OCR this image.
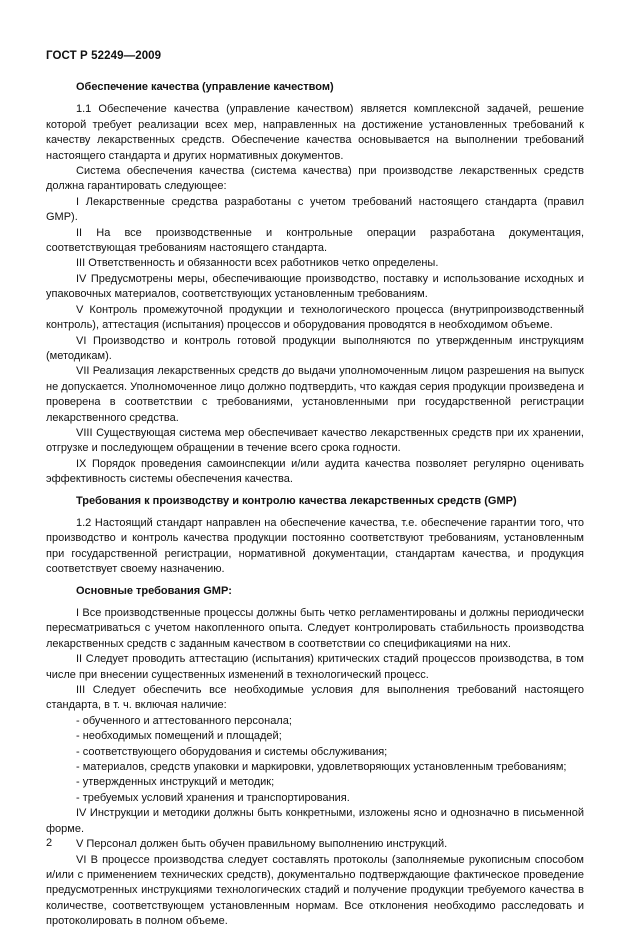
ГОСТ Р 52249—2009

Обеспечение качества (управление качеством)

1.1 Обеспечение качества (управление качеством) является комплексной задачей, решение которой требует реализации всех мер, направленных на достижение установленных требований к качеству лекарственных средств. Обеспечение качества основывается на выполнении требований настоящего стандарта и других нормативных документов.

Система обеспечения качества (система качества) при производстве лекарственных средств должна гарантировать следующее:

I Лекарственные средства разработаны с учетом требований настоящего стандарта (правил GMP).

II На все производственные и контрольные операции разработана документация, соответствующая требованиям настоящего стандарта.

III Ответственность и обязанности всех работников четко определены.

IV Предусмотрены меры, обеспечивающие производство, поставку и использование исходных и упаковочных материалов, соответствующих установленным требованиям.

V Контроль промежуточной продукции и технологического процесса (внутрипроизводственный контроль), аттестация (испытания) процессов и оборудования проводятся в необходимом объеме.

VI Производство и контроль готовой продукции выполняются по утвержденным инструкциям (методикам).

VII Реализация лекарственных средств до выдачи уполномоченным лицом разрешения на выпуск не допускается. Уполномоченное лицо должно подтвердить, что каждая серия продукции произведена и проверена в соответствии с требованиями, установленными при государственной регистрации лекарственного средства.

VIII Существующая система мер обеспечивает качество лекарственных средств при их хранении, отгрузке и последующем обращении в течение всего срока годности.

IX Порядок проведения самоинспекции и/или аудита качества позволяет регулярно оценивать эффективность системы обеспечения качества.

Требования к производству и контролю качества лекарственных средств (GMP)

1.2 Настоящий стандарт направлен на обеспечение качества, т.е. обеспечение гарантии того, что производство и контроль качества продукции постоянно соответствуют требованиям, установленным при государственной регистрации, нормативной документации, стандартам качества, и продукция соответствует своему назначению.

Основные требования GMP:

I Все производственные процессы должны быть четко регламентированы и должны периодически пересматриваться с учетом накопленного опыта. Следует контролировать стабильность производства лекарственных средств с заданным качеством в соответствии со спецификациями на них.

II Следует проводить аттестацию (испытания) критических стадий процессов производства, в том числе при внесении существенных изменений в технологический процесс.

III Следует обеспечить все необходимые условия для выполнения требований настоящего стандарта, в т. ч. включая наличие:

- обученного и аттестованного персонала;

- необходимых помещений и площадей;

- соответствующего оборудования и системы обслуживания;

- материалов, средств упаковки и маркировки, удовлетворяющих установленным требованиям;

- утвержденных инструкций и методик;

- требуемых условий хранения и транспортирования.

IV Инструкции и методики должны быть конкретными, изложены ясно и однозначно в письменной форме.

V Персонал должен быть обучен правильному выполнению инструкций.

VI В процессе производства следует составлять протоколы (заполняемые рукописным способом и/или с применением технических средств), документально подтверждающие фактическое проведение предусмотренных инструкциями технологических стадий и получение продукции требуемого качества в количестве, соответствующем установленным нормам. Все отклонения необходимо расследовать и протоколировать в полном объеме.

2
